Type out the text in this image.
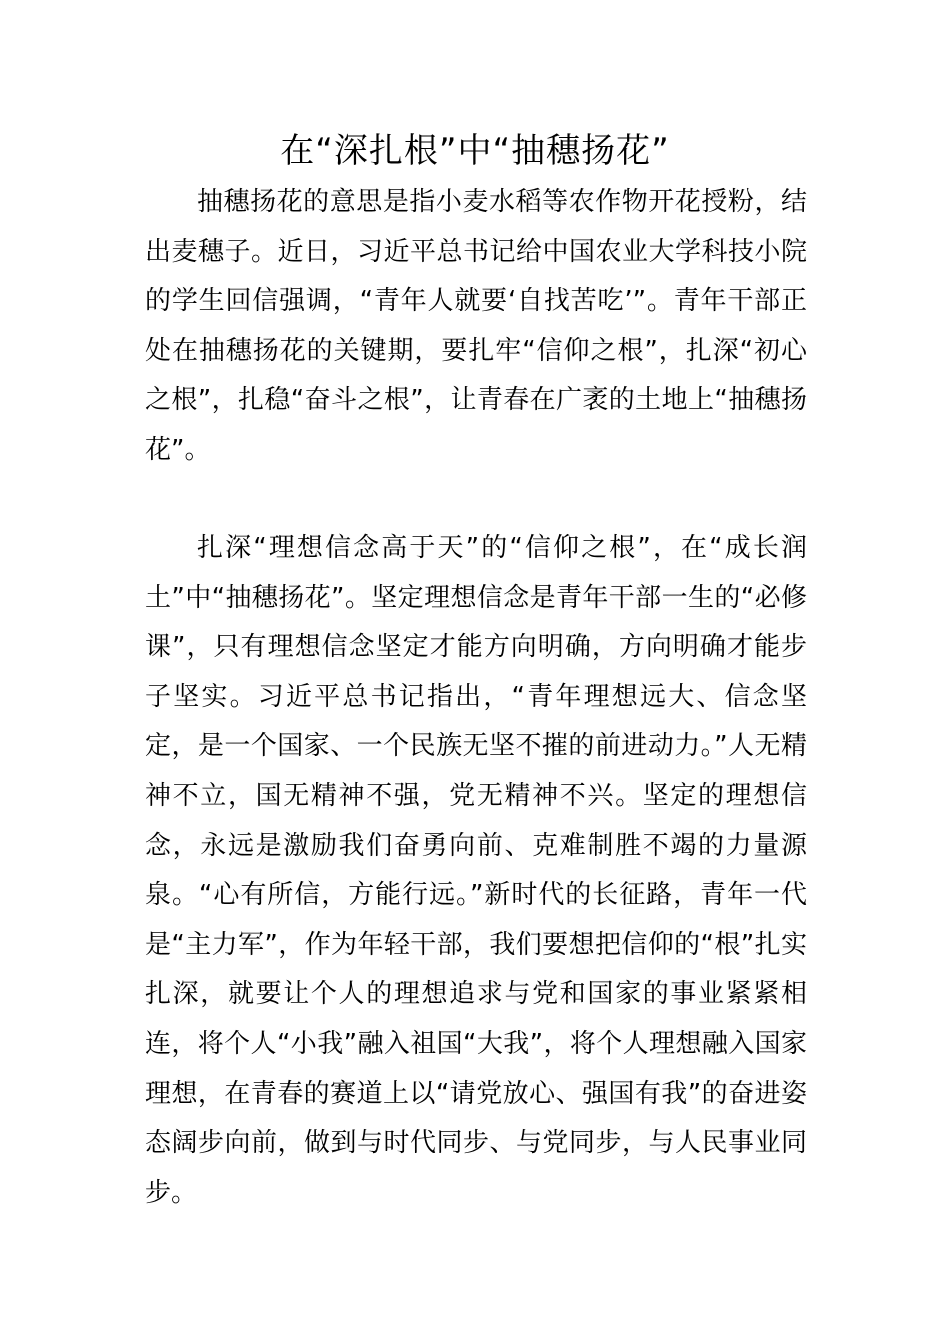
在“深扎根”中“抽穗扬花”

抽穗扬花的意思是指小麦水稻等农作物开花授粉，结出麦穗子。近日，习近平总书记给中国农业大学科技小院的学生回信强调，“青年人就要‘自找苦吃’”。青年干部正处在抽穗扬花的关键期，要扎牢“信仰之根”，扎深“初心之根”，扎稳“奋斗之根”，让青春在广袤的土地上“抽穗扬花”。

扎深“理想信念高于天”的“信仰之根”，在“成长润土”中“抽穗扬花”。坚定理想信念是青年干部一生的“必修课”，只有理想信念坚定才能方向明确，方向明确才能步子坚实。习近平总书记指出，“青年理想远大、信念坚定，是一个国家、一个民族无坚不摧的前进动力。”人无精神不立，国无精神不强，党无精神不兴。坚定的理想信念，永远是激励我们奋勇向前、克难制胜不竭的力量源泉。“心有所信，方能行远。”新时代的长征路，青年一代是“主力军”，作为年轻干部，我们要想把信仰的“根”扎实扎深，就要让个人的理想追求与党和国家的事业紧紧相连，将个人“小我”融入祖国“大我”，将个人理想融入国家理想，在青春的赛道上以“请党放心、强国有我”的奋进姿态阔步向前，做到与时代同步、与党同步，与人民事业同步。
